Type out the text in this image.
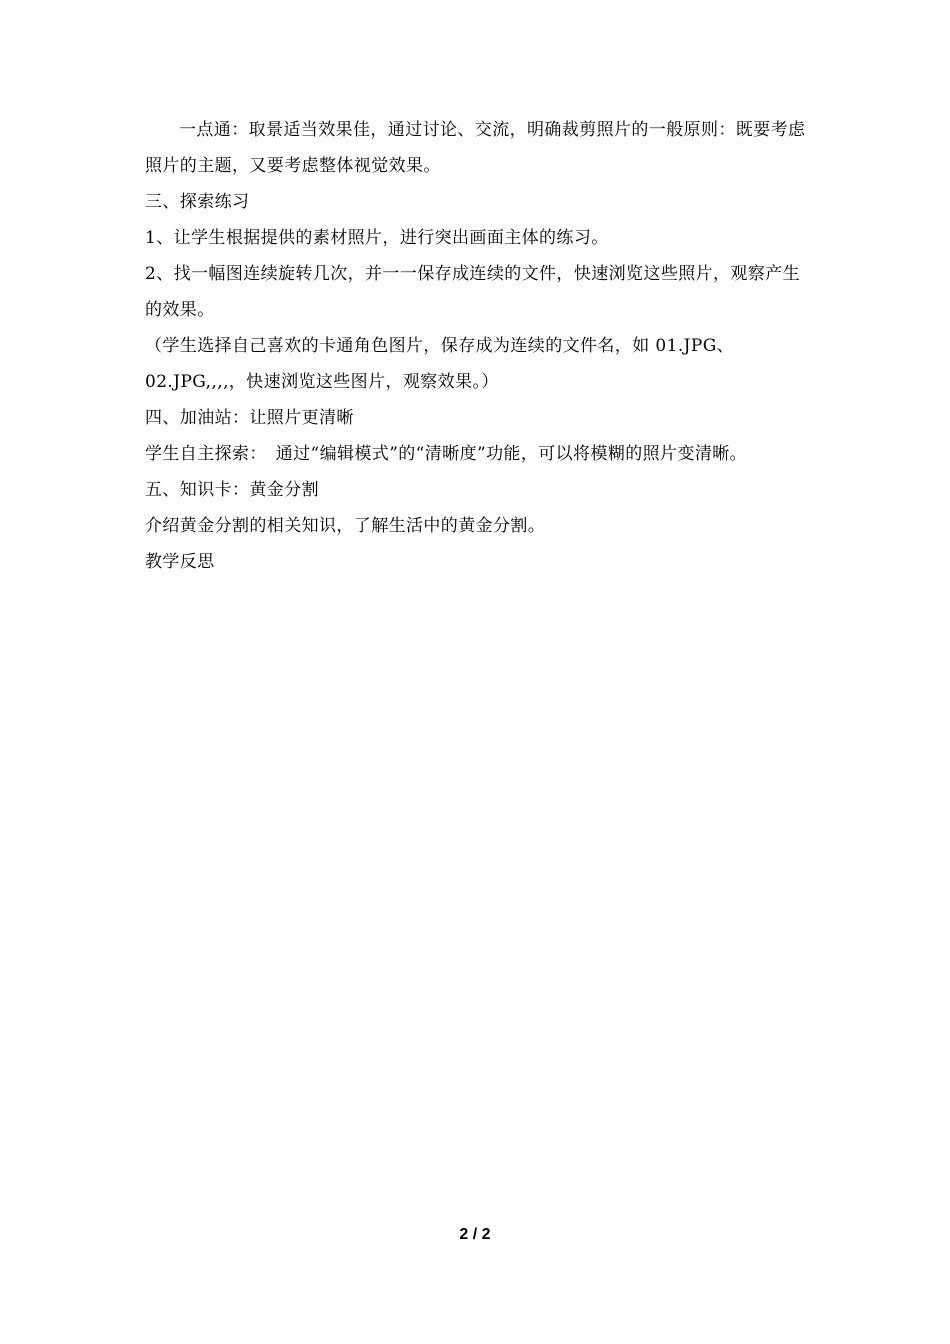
一点通：取景适当效果佳，通过讨论、交流，明确裁剪照片的一般原则：既要考虑照片的主题，又要考虑整体视觉效果。

三、探索练习

1、让学生根据提供的素材照片，进行突出画面主体的练习。

2、找一幅图连续旋转几次，并一一保存成连续的文件，快速浏览这些照片，观察产生的效果。

（学生选择自己喜欢的卡通角色图片，保存成为连续的文件名，如 01.JPG、02.JPG,,,,，快速浏览这些图片，观察效果。）

四、加油站：让照片更清晰

学生自主探索：　通过“编辑模式”的“清晰度”功能，可以将模糊的照片变清晰。

五、知识卡：黄金分割

介绍黄金分割的相关知识，了解生活中的黄金分割。

教学反思

2 / 2
